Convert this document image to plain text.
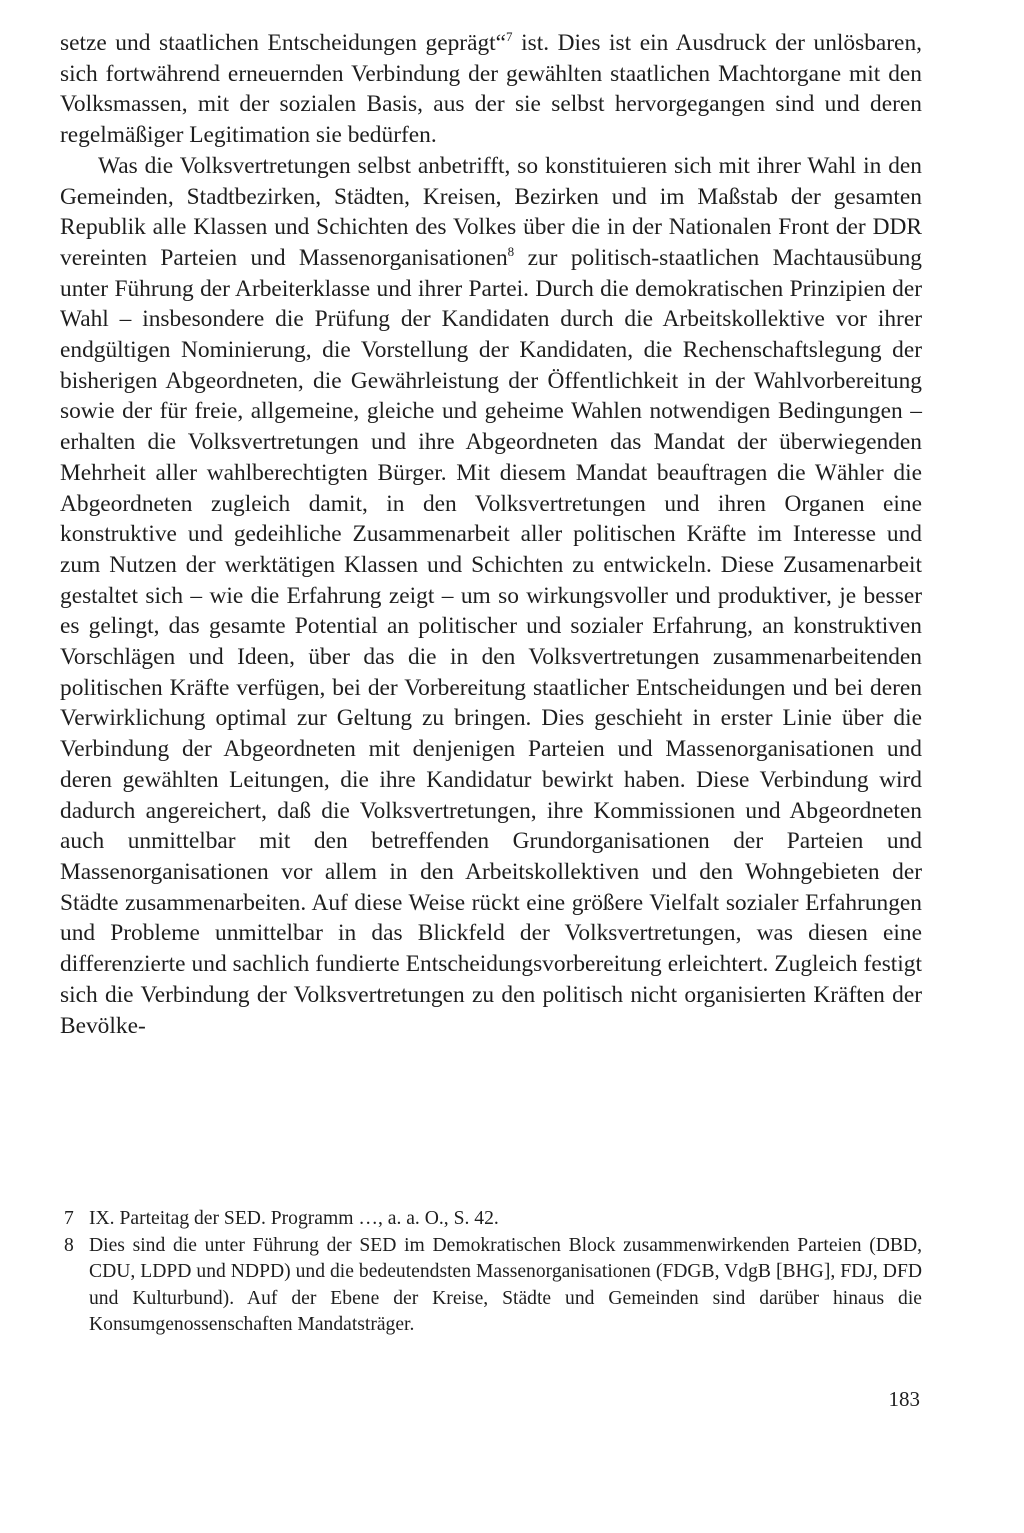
setze und staatlichen Entscheidungen geprägt“$^7$ ist. Dies ist ein Ausdruck der unlösbaren, sich fortwährend erneuernden Verbindung der gewählten staatlichen Machtorgane mit den Volksmassen, mit der sozialen Basis, aus der sie selbst hervorgegangen sind und deren regelmäßiger Legitimation sie bedürfen.

Was die Volksvertretungen selbst anbetrifft, so konstituieren sich mit ihrer Wahl in den Gemeinden, Stadtbezirken, Städten, Kreisen, Bezirken und im Maßstab der gesamten Republik alle Klassen und Schichten des Volkes über die in der Nationalen Front der DDR vereinten Parteien und Massenorganisationen$^8$ zur politisch-staatlichen Machtausübung unter Führung der Arbeiterklasse und ihrer Partei. Durch die demokratischen Prinzipien der Wahl – insbesondere die Prüfung der Kandidaten durch die Arbeitskollektive vor ihrer endgültigen Nominierung, die Vorstellung der Kandidaten, die Rechenschaftslegung der bisherigen Abgeordneten, die Gewährleistung der Öffentlichkeit in der Wahlvorbereitung sowie der für freie, allgemeine, gleiche und geheime Wahlen notwendigen Bedingungen – erhalten die Volksvertretungen und ihre Abgeordneten das Mandat der überwiegenden Mehrheit aller wahlberechtigten Bürger. Mit diesem Mandat beauftragen die Wähler die Abgeordneten zugleich damit, in den Volksvertretungen und ihren Organen eine konstruktive und gedeihliche Zusammenarbeit aller politischen Kräfte im Interesse und zum Nutzen der werktätigen Klassen und Schichten zu entwickeln. Diese Zusamenarbeit gestaltet sich – wie die Erfahrung zeigt – um so wirkungsvoller und produktiver, je besser es gelingt, das gesamte Potential an politischer und sozialer Erfahrung, an konstruktiven Vorschlägen und Ideen, über das die in den Volksvertretungen zusammenarbeitenden politischen Kräfte verfügen, bei der Vorbereitung staatlicher Entscheidungen und bei deren Verwirklichung optimal zur Geltung zu bringen. Dies geschieht in erster Linie über die Verbindung der Abgeordneten mit denjenigen Parteien und Massenorganisationen und deren gewählten Leitungen, die ihre Kandidatur bewirkt haben. Diese Verbindung wird dadurch angereichert, daß die Volksvertretungen, ihre Kommissionen und Abgeordneten auch unmittelbar mit den betreffenden Grundorganisationen der Parteien und Massenorganisationen vor allem in den Arbeitskollektiven und den Wohngebieten der Städte zusammenarbeiten. Auf diese Weise rückt eine größere Vielfalt sozialer Erfahrungen und Probleme unmittelbar in das Blickfeld der Volksvertretungen, was diesen eine differenzierte und sachlich fundierte Entscheidungsvorbereitung erleichtert. Zugleich festigt sich die Verbindung der Volksvertretungen zu den politisch nicht organisierten Kräften der Bevölke-

7 IX. Parteitag der SED. Programm …, a. a. O., S. 42.

8 Dies sind die unter Führung der SED im Demokratischen Block zusammenwirkenden Parteien (DBD, CDU, LDPD und NDPD) und die bedeutendsten Massenorganisationen (FDGB, VdgB [BHG], FDJ, DFD und Kulturbund). Auf der Ebene der Kreise, Städte und Gemeinden sind darüber hinaus die Konsumgenossenschaften Mandatsträger.

183
